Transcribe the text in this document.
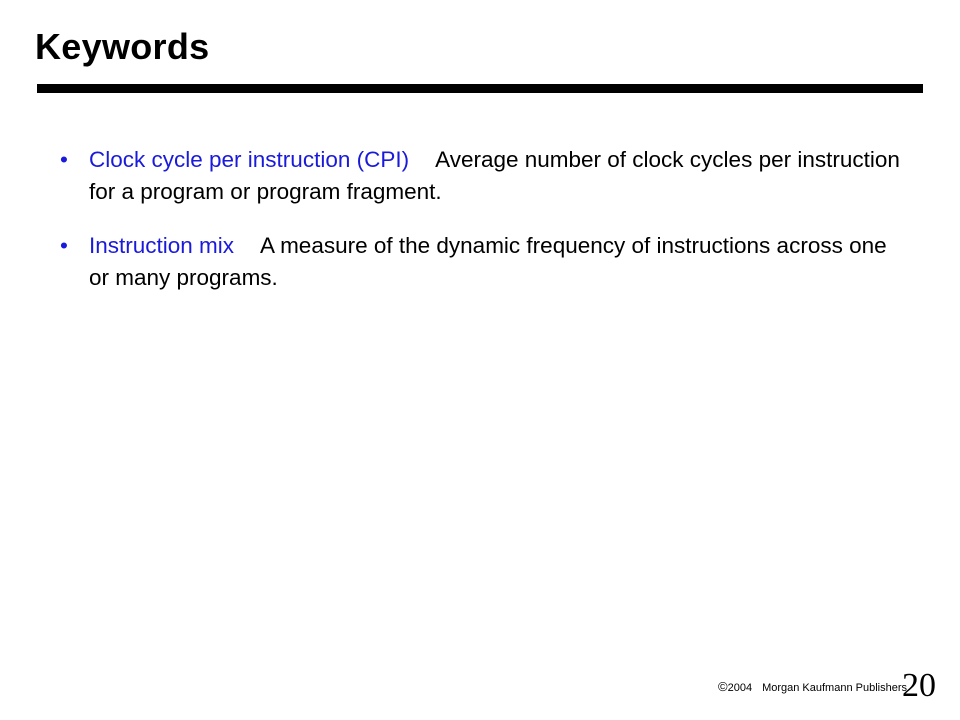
Keywords
• Clock cycle per instruction (CPI) Average number of clock cycles per instruction for a program or program fragment.
• Instruction mix A measure of the dynamic frequency of instructions across one or many programs.
©2004 Morgan Kaufmann Publishers
20
